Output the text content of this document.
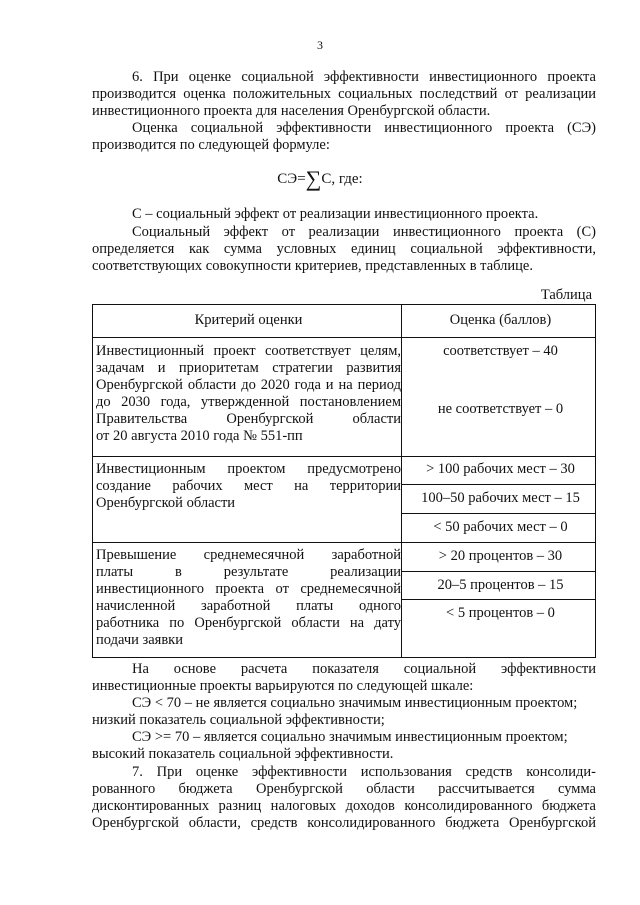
3
6. При оценке социальной эффективности инвестиционного проекта
производится оценка положительных социальных последствий от реализации
инвестиционного проекта для населения Оренбургской области.
Оценка социальной эффективности инвестиционного проекта (СЭ)
производится по следующей формуле:
СЭ=∑С, где:
С – социальный эффект от реализации инвестиционного проекта.
Социальный эффект от реализации инвестиционного проекта (С)
определяется как сумма условных единиц социальной эффективности,
соответствующих совокупности критериев, представленных в таблице.
Таблица
Критерий оценки	Оценка (баллов)
Инвестиционный проект соответствует целям,
задачам и приоритетам стратегии развития
Оренбургской области до 2020 года и на период
до 2030 года, утвержденной постановлением
Правительства Оренбургской области
от 20 августа 2010 года № 551-пп
соответствует – 40
не соответствует – 0
Инвестиционным проектом предусмотрено
создание рабочих мест на территории
Оренбургской области
> 100 рабочих мест – 30
100–50 рабочих мест – 15
< 50 рабочих мест – 0
Превышение среднемесячной заработной
платы в результате реализации
инвестиционного проекта от среднемесячной
начисленной заработной платы одного
работника по Оренбургской области на дату
подачи заявки
> 20 процентов – 30
20–5 процентов – 15
< 5 процентов – 0
На основе расчета показателя социальной эффективности
инвестиционные проекты варьируются по следующей шкале:
СЭ < 70 – не является социально значимым инвестиционным проектом;
низкий показатель социальной эффективности;
СЭ >= 70 – является социально значимым инвестиционным проектом;
высокий показатель социальной эффективности.
7. При оценке эффективности использования средств консолиди-
рованного бюджета Оренбургской области рассчитывается сумма
дисконтированных разниц налоговых доходов консолидированного бюджета
Оренбургской области, средств консолидированного бюджета Оренбургской
